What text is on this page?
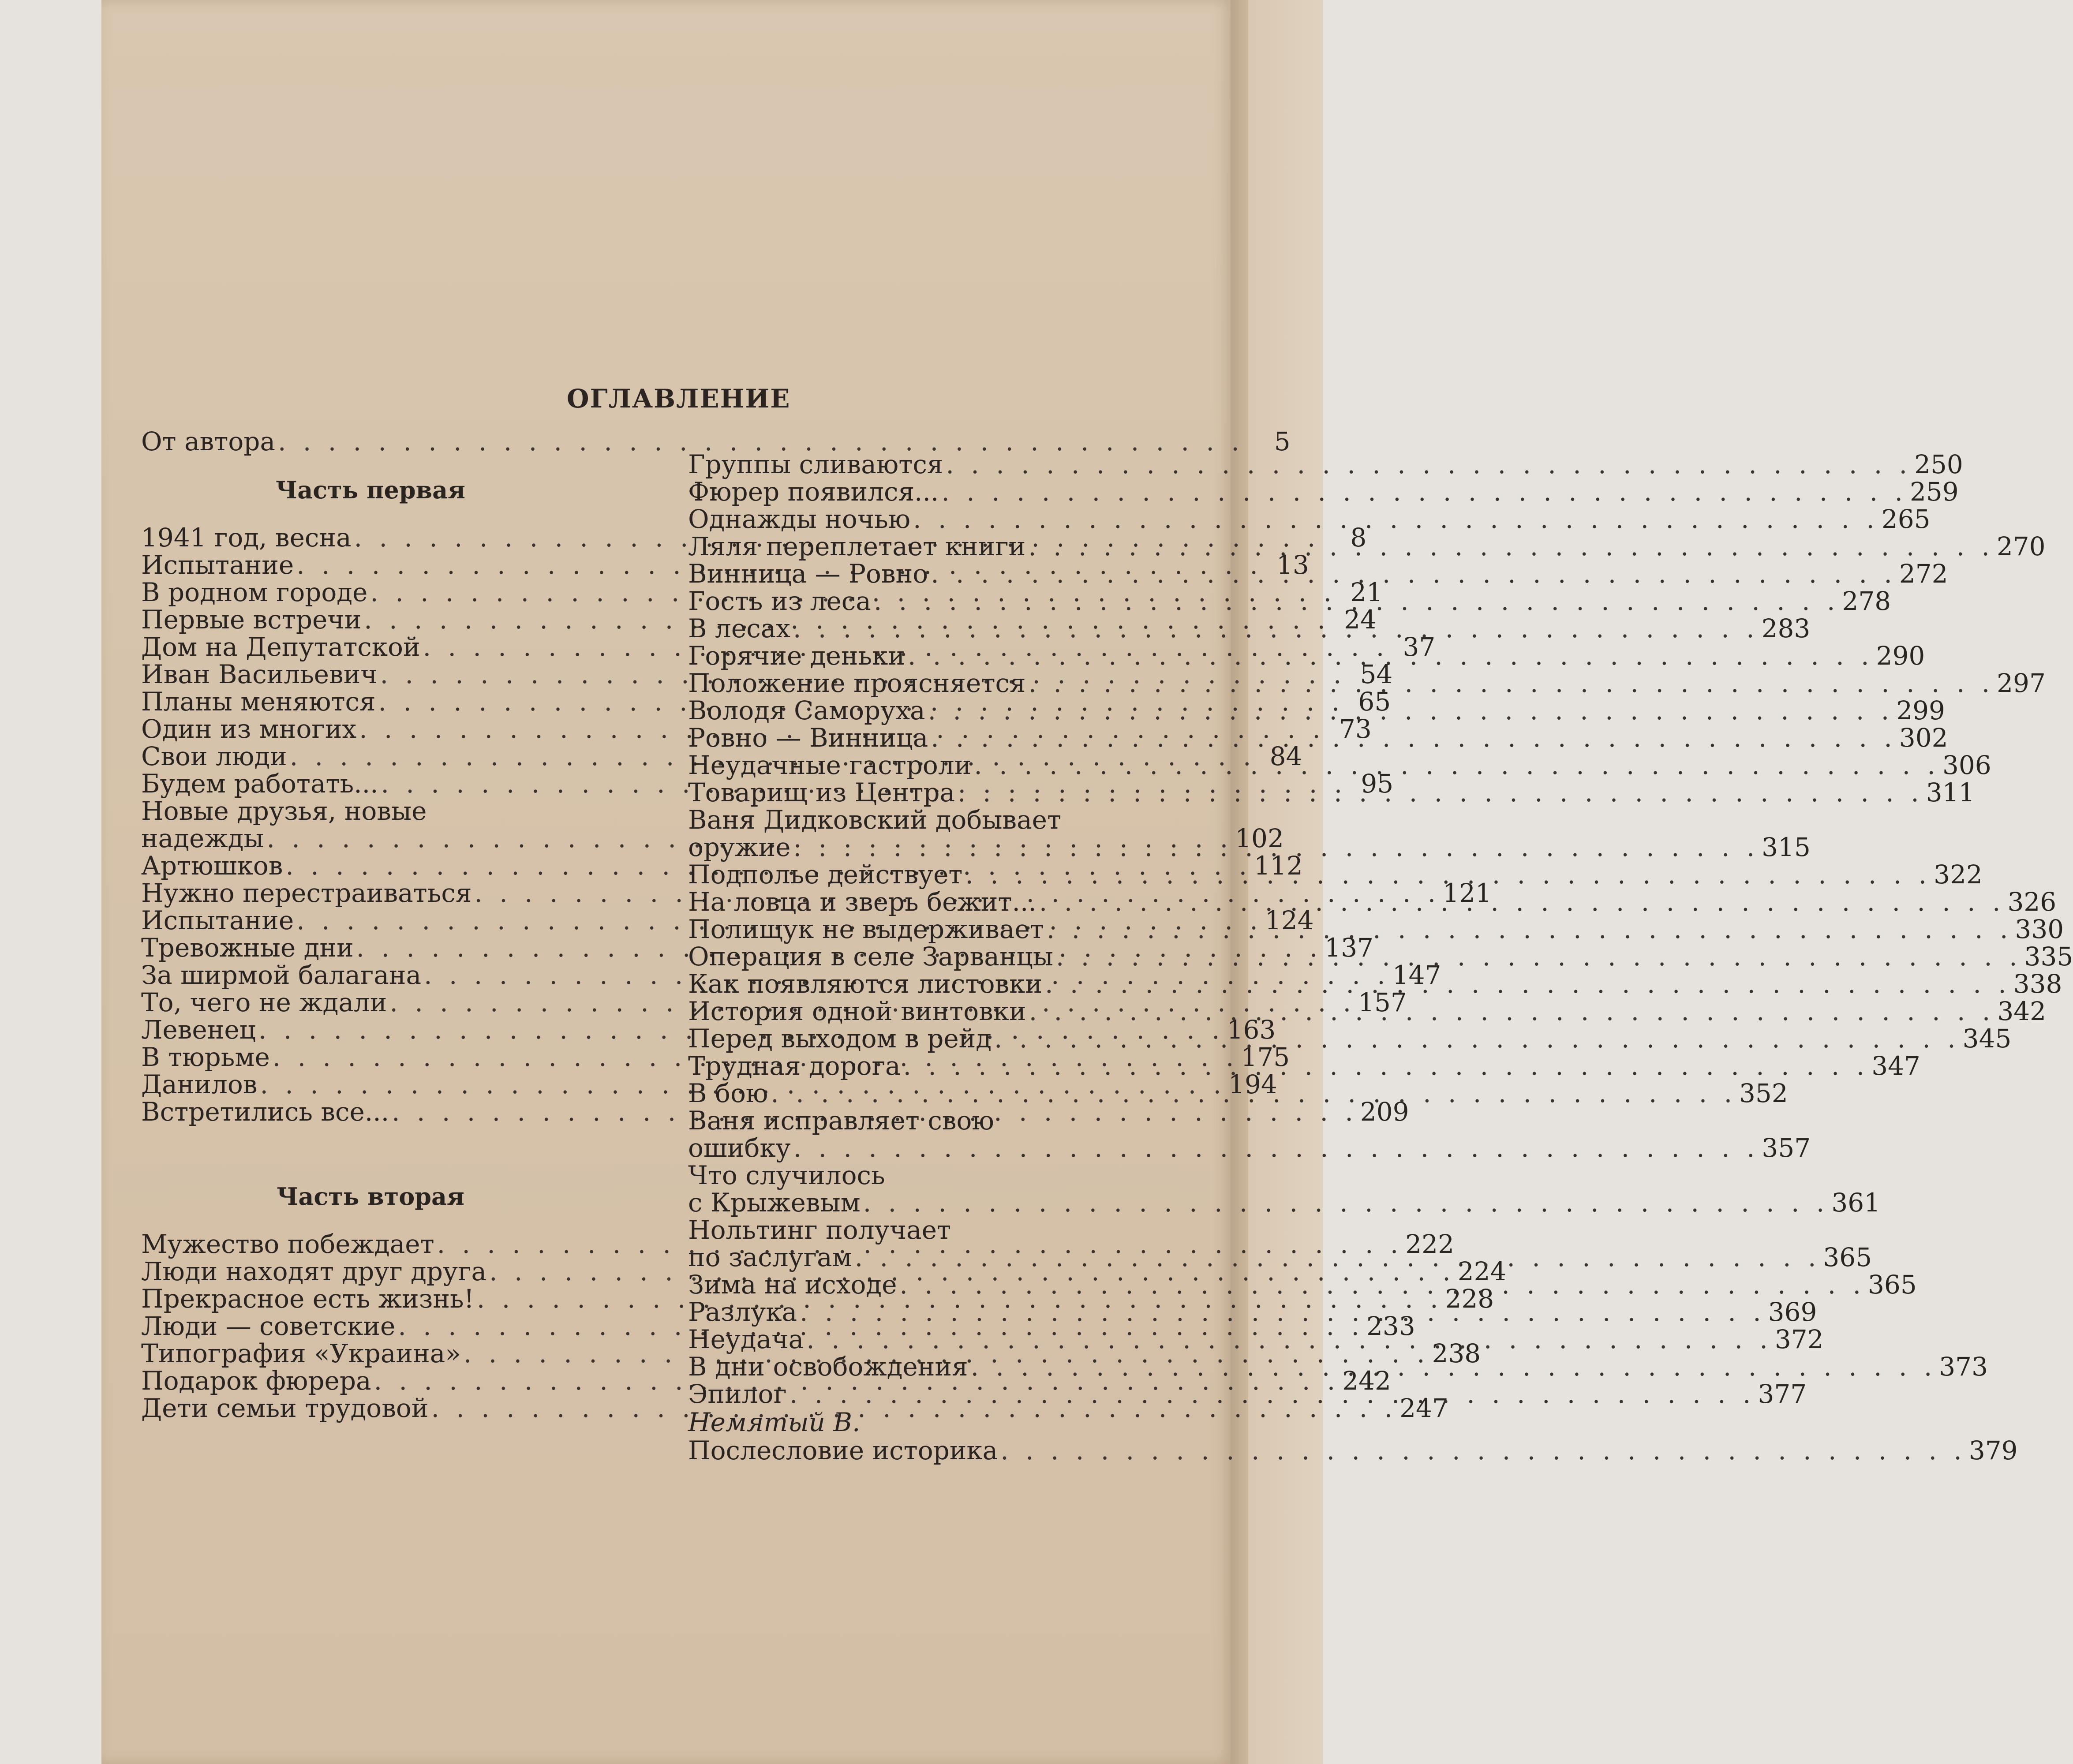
ОГЛАВЛЕНИЕ
От автора . . .	5
Часть первая
1941 год, весна . . .	8
Испытание . . .	13
В родном городе . . .	21
Первые встречи . . .	24
Дом на Депутатской . . .	37
Иван Васильевич . . .	54
Планы меняются . . .	65
Один из многих . . .	73
Свои люди . . .	84
Будем работать... . . .	95
Новые друзья, новые
надежды . . .	102
Артюшков . . .	112
Нужно перестраиваться . . .	121
Испытание . . .	124
Тревожные дни . . .	137
За ширмой балагана . . .	147
То, чего не ждали . . .	157
Левенец . . .	163
В тюрьме . . .	175
Данилов . . .	194
Встретились все... . . .	209
Часть вторая
Мужество побеждает . . .	222
Люди находят друг друга . . .	224
Прекрасное есть жизнь! . . .	228
Люди — советские . . .	233
Типография «Украина» . . .	238
Подарок фюрера . . .	242
Дети семьи трудовой . . .	247
Группы сливаются . . .	250
Фюрер появился... . . .	259
Однажды ночью . . .	265
Ляля переплетает книги . . .	270
Винница — Ровно . . .	272
Гость из леса . . .	278
В лесах . . .	283
Горячие деньки . . .	290
Положение проясняется . . .	297
Володя Саморуха . . .	299
Ровно — Винница . . .	302
Неудачные гастроли . . .	306
Товарищ из Центра . . .	311
Ваня Дидковский добывает
оружие . . .	315
Подполье действует . . .	322
На ловца и зверь бежит... . . .	326
Полищук не выдерживает . . .	330
Операция в селе Зарванцы . . .	335
Как появляются листовки . . .	338
История одной винтовки . . .	342
Перед выходом в рейд . . .	345
Трудная дорога . . .	347
В бою . . .	352
Ваня исправляет свою
ошибку . . .	357
Что случилось
с Крыжевым . . .	361
Нольтинг получает
по заслугам . . .	365
Зима на исходе . . .	365
Разлука . . .	369
Неудача . . .	372
В дни освобождения . . .	373
Эпилог . . .	377
Немятый В.
Послесловие историка . . .	379
